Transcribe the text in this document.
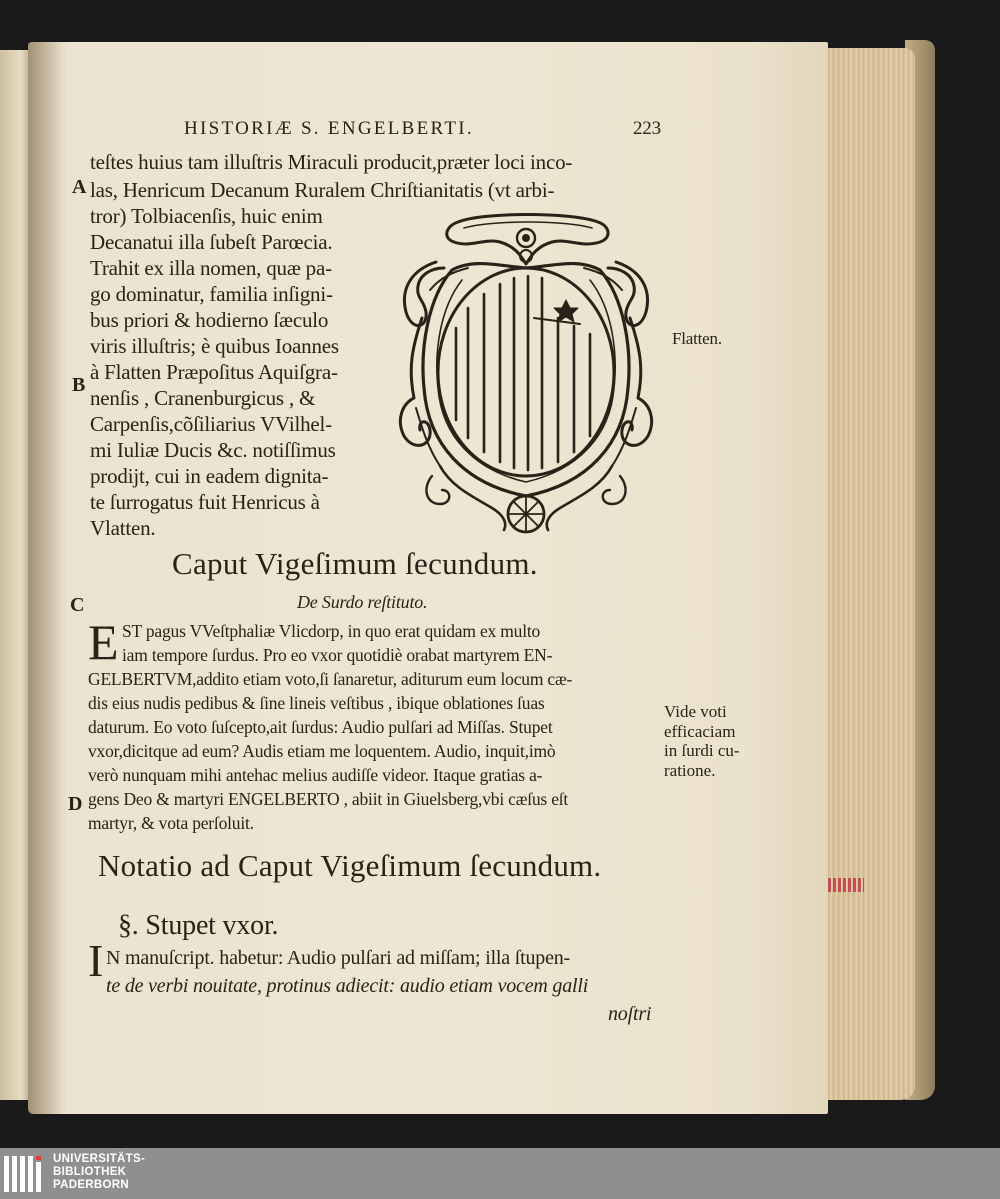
HISTORIÆ S. ENGELBERTI.	223
A
B
C
D
teſtes huius tam illuſtris Miraculi producit,præter loci inco-
las, Henricum Decanum Ruralem Chriſtianitatis (vt arbi-
tror) Tolbiacenſis, huic enim
Decanatui illa ſubeſt Parœcia.
Trahit ex illa nomen, quæ pa-
go dominatur, familia inſigni-
bus priori & hodierno ſæculo
viris illuſtris; è quibus Ioannes
à Flatten Præpoſitus Aquiſgra-
nenſis , Cranenburgicus , &
Carpenſis,cõſiliarius VVilhel-
mi Iuliæ Ducis &c. notiſſimus
prodijt, cui in eadem dignita-
te ſurrogatus fuit Henricus à
Vlatten.
Flatten.
Caput Vigeſimum ſecundum.
De Surdo reſtituto.
E ST pagus VVeſtphaliæ Vlicdorp, in quo erat quidam ex multo
iam tempore ſurdus. Pro eo vxor quotidiè orabat martyrem EN-
GELBERTVM,addito etiam voto,ſi ſanaretur, aditurum eum locum cæ-
dis eius nudis pedibus & ſine lineis veſtibus , ibique oblationes ſuas
daturum. Eo voto ſuſcepto,ait ſurdus: Audio pulſari ad Miſſas. Stupet
vxor,dicitque ad eum? Audis etiam me loquentem. Audio, inquit,imò
verò nunquam mihi antehac melius audiſſe videor. Itaque gratias a-
gens Deo & martyri ENGELBERTO , abiit in Giuelsberg,vbi cæſus eſt
martyr, & vota perſoluit.
Vide voti
efficaciam
in ſurdi cu-
ratione.
Notatio ad Caput Vigeſimum ſecundum.
§. Stupet vxor.
I N manuſcript. habetur: Audio pulſari ad miſſam; illa ſtupen-
te de verbi nouitate, protinus adiecit: audio etiam vocem galli
noſtri
UNIVERSITÄTS-
BIBLIOTHEK
PADERBORN
